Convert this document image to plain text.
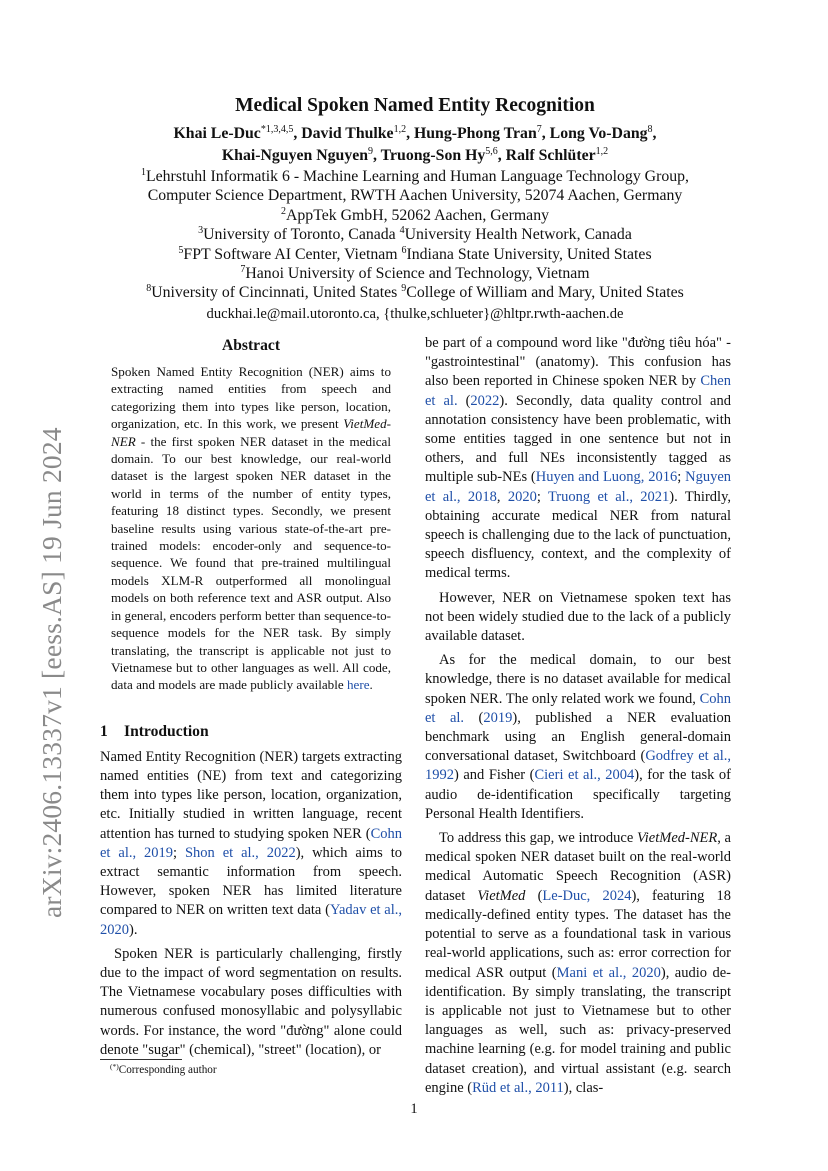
arXiv:2406.13337v1 [eess.AS] 19 Jun 2024
Medical Spoken Named Entity Recognition
Khai Le-Duc$^{*1,3,4,5}$, David Thulke$^{1,2}$, Hung-Phong Tran$^7$, Long Vo-Dang$^8$,
Khai-Nguyen Nguyen$^9$, Truong-Son Hy$^{5,6}$, Ralf Schlüter$^{1,2}$
$^1$Lehrstuhl Informatik 6 - Machine Learning and Human Language Technology Group,
Computer Science Department, RWTH Aachen University, 52074 Aachen, Germany
$^2$AppTek GmbH, 52062 Aachen, Germany
$^3$University of Toronto, Canada $^4$University Health Network, Canada
$^5$FPT Software AI Center, Vietnam $^6$Indiana State University, United States
$^7$Hanoi University of Science and Technology, Vietnam
$^8$University of Cincinnati, United States $^9$College of William and Mary, United States
duckhai.le@mail.utoronto.ca, {thulke,schlueter}@hltpr.rwth-aachen.de
Abstract

Spoken Named Entity Recognition (NER) aims to extracting named entities from speech and categorizing them into types like person, location, organization, etc. In this work, we present VietMed-NER - the first spoken NER dataset in the medical domain. To our best knowledge, our real-world dataset is the largest spoken NER dataset in the world in terms of the number of entity types, featuring 18 distinct types. Secondly, we present baseline results using various state-of-the-art pre-trained models: encoder-only and sequence-to-sequence. We found that pre-trained multilingual models XLM-R outperformed all monolingual models on both reference text and ASR output. Also in general, encoders perform better than sequence-to-sequence models for the NER task. By simply translating, the transcript is applicable not just to Vietnamese but to other languages as well. All code, data and models are made publicly available here.

1 Introduction

Named Entity Recognition (NER) targets extracting named entities (NE) from text and categorizing them into types like person, location, organization, etc. Initially studied in written language, recent attention has turned to studying spoken NER (Cohn et al., 2019; Shon et al., 2022), which aims to extract semantic information from speech. However, spoken NER has limited literature compared to NER on written text data (Yadav et al., 2020).

Spoken NER is particularly challenging, firstly due to the impact of word segmentation on results. The Vietnamese vocabulary poses difficulties with numerous confused monosyllabic and polysyllabic words. For instance, the word "đường" alone could denote "sugar" (chemical), "street" (location), or

be part of a compound word like "đường tiêu hóa" - "gastrointestinal" (anatomy). This confusion has also been reported in Chinese spoken NER by Chen et al. (2022). Secondly, data quality control and annotation consistency have been problematic, with some entities tagged in one sentence but not in others, and full NEs inconsistently tagged as multiple sub-NEs (Huyen and Luong, 2016; Nguyen et al., 2018, 2020; Truong et al., 2021). Thirdly, obtaining accurate medical NER from natural speech is challenging due to the lack of punctuation, speech disfluency, context, and the complexity of medical terms.

However, NER on Vietnamese spoken text has not been widely studied due to the lack of a publicly available dataset.

As for the medical domain, to our best knowledge, there is no dataset available for medical spoken NER. The only related work we found, Cohn et al. (2019), published a NER evaluation benchmark using an English general-domain conversational dataset, Switchboard (Godfrey et al., 1992) and Fisher (Cieri et al., 2004), for the task of audio de-identification specifically targeting Personal Health Identifiers.

To address this gap, we introduce VietMed-NER, a medical spoken NER dataset built on the real-world medical Automatic Speech Recognition (ASR) dataset VietMed (Le-Duc, 2024), featuring 18 medically-defined entity types. The dataset has the potential to serve as a foundational task in various real-world applications, such as: error correction for medical ASR output (Mani et al., 2020), audio de-identification. By simply translating, the transcript is applicable not just to Vietnamese but to other languages as well, such as: privacy-preserved machine learning (e.g. for model training and public dataset creation), and virtual assistant (e.g. search engine (Rüd et al., 2011), clas-

(*)Corresponding author
1
